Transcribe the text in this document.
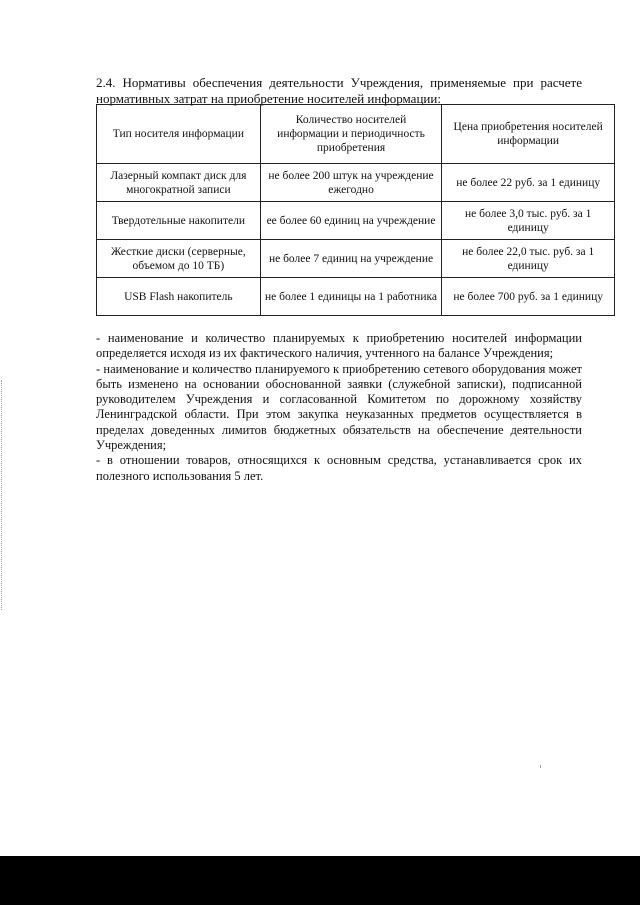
2.4. Нормативы обеспечения деятельности Учреждения, применяемые при расчете нормативных затрат на приобретение носителей информации:

Тип носителя информации	Количество носителей информации и периодичность приобретения	Цена приобретения носителей информации
Лазерный компакт диск для многократной записи	не более 200 штук на учреждение ежегодно	не более 22 руб. за 1 единицу
Твердотельные накопители	ее более 60 единиц на учреждение	не более 3,0 тыс. руб. за 1 единицу
Жесткие диски (серверные, объемом до 10 ТБ)	не более 7 единиц на учреждение	не более 22,0 тыс. руб. за 1 единицу
USB Flash накопитель	не более 1 единицы на 1 работника	не более 700 руб. за 1 единицу

- наименование и количество планируемых к приобретению носителей информации определяется исходя из их фактического наличия, учтенного на балансе Учреждения;

- наименование и количество планируемого к приобретению сетевого оборудования может быть изменено на основании обоснованной заявки (служебной записки), подписанной руководителем Учреждения и согласованной Комитетом по дорожному хозяйству Ленинградской области. При этом закупка неуказанных предметов осуществляется в пределах доведенных лимитов бюджетных обязательств на обеспечение деятельности Учреждения;

- в отношении товаров, относящихся к основным средства, устанавливается срок их полезного использования 5 лет.
